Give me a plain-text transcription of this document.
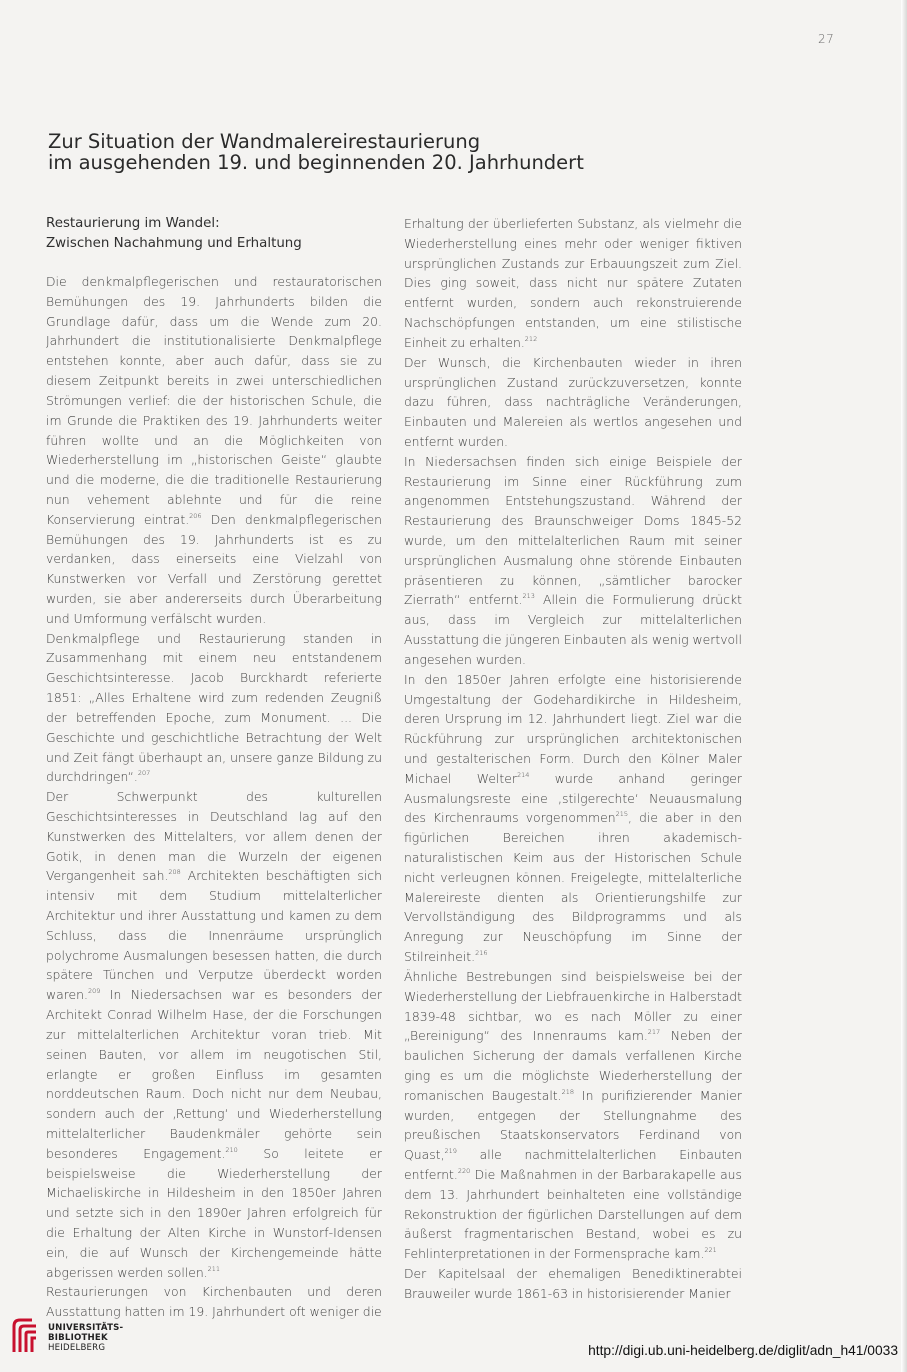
27
Zur Situation der Wandmalereirestaurierung
im ausgehenden 19. und beginnenden 20. Jahrhundert
Restaurierung im Wandel:
Zwischen Nachahmung und Erhaltung

Die denkmalpflegerischen und restauratorischen Bemühungen des 19. Jahrhunderts bilden die Grundlage dafür, dass um die Wende zum 20. Jahrhundert die institutionalisierte Denkmalpflege entstehen konnte, aber auch dafür, dass sie zu diesem Zeitpunkt bereits in zwei unterschiedlichen Strömungen verlief: die der historischen Schule, die im Grunde die Praktiken des 19. Jahrhunderts weiter führen wollte und an die Möglichkeiten von Wiederherstellung im „historischen Geiste“ glaubte und die moderne, die die traditionelle Restaurierung nun vehement ablehnte und für die reine Konservierung eintrat.$^{206}$ Den denkmalpflegerischen Bemühungen des 19. Jahrhunderts ist es zu verdanken, dass einerseits eine Vielzahl von Kunstwerken vor Verfall und Zerstörung gerettet wurden, sie aber andererseits durch Überarbeitung und Umformung verfälscht wurden.

Denkmalpflege und Restaurierung standen in Zusammenhang mit einem neu entstandenem Geschichtsinteresse. Jacob Burckhardt referierte 1851: „Alles Erhaltene wird zum redenden Zeugniß der betreffenden Epoche, zum Monument. ... Die Geschichte und geschichtliche Betrachtung der Welt und Zeit fängt überhaupt an, unsere ganze Bildung zu durchdringen“.$^{207}$

Der Schwerpunkt des kulturellen Geschichtsinteresses in Deutschland lag auf den Kunstwerken des Mittelalters, vor allem denen der Gotik, in denen man die Wurzeln der eigenen Vergangenheit sah.$^{208}$ Architekten beschäftigten sich intensiv mit dem Studium mittelalterlicher Architektur und ihrer Ausstattung und kamen zu dem Schluss, dass die Innenräume ursprünglich polychrome Ausmalungen besessen hatten, die durch spätere Tünchen und Verputze überdeckt worden waren.$^{209}$ In Niedersachsen war es besonders der Architekt Conrad Wilhelm Hase, der die Forschungen zur mittelalterlichen Architektur voran trieb. Mit seinen Bauten, vor allem im neugotischen Stil, erlangte er großen Einfluss im gesamten norddeutschen Raum. Doch nicht nur dem Neubau, sondern auch der ‚Rettung‘ und Wiederherstellung mittelalterlicher Baudenkmäler gehörte sein besonderes Engagement.$^{210}$ So leitete er beispielsweise die Wiederherstellung der Michaeliskirche in Hildesheim in den 1850er Jahren und setzte sich in den 1890er Jahren erfolgreich für die Erhaltung der Alten Kirche in Wunstorf-Idensen ein, die auf Wunsch der Kirchengemeinde hätte abgerissen werden sollen.$^{211}$

Restaurierungen von Kirchenbauten und deren Ausstattung hatten im 19. Jahrhundert oft weniger die

Erhaltung der überlieferten Substanz, als vielmehr die Wiederherstellung eines mehr oder weniger fiktiven ursprünglichen Zustands zur Erbauungszeit zum Ziel. Dies ging soweit, dass nicht nur spätere Zutaten entfernt wurden, sondern auch rekonstruierende Nachschöpfungen entstanden, um eine stilistische Einheit zu erhalten.$^{212}$

Der Wunsch, die Kirchenbauten wieder in ihren ursprünglichen Zustand zurückzuversetzen, konnte dazu führen, dass nachträgliche Veränderungen, Einbauten und Malereien als wertlos angesehen und entfernt wurden.

In Niedersachsen finden sich einige Beispiele der Restaurierung im Sinne einer Rückführung zum angenommen Entstehungszustand. Während der Restaurierung des Braunschweiger Doms 1845-52 wurde, um den mittelalterlichen Raum mit seiner ursprünglichen Ausmalung ohne störende Einbauten präsentieren zu können, „sämtlicher barocker Zierrath“ entfernt.$^{213}$ Allein die Formulierung drückt aus, dass im Vergleich zur mittelalterlichen Ausstattung die jüngeren Einbauten als wenig wertvoll angesehen wurden.

In den 1850er Jahren erfolgte eine historisierende Umgestaltung der Godehardikirche in Hildesheim, deren Ursprung im 12. Jahrhundert liegt. Ziel war die Rückführung zur ursprünglichen architektonischen und gestalterischen Form. Durch den Kölner Maler Michael Welter$^{214}$ wurde anhand geringer Ausmalungsreste eine ‚stilgerechte‘ Neuausmalung des Kirchenraums vorgenommen$^{215}$, die aber in den figürlichen Bereichen ihren akademisch-naturalistischen Keim aus der Historischen Schule nicht verleugnen können. Freigelegte, mittelalterliche Malereireste dienten als Orientierungshilfe zur Vervollständigung des Bildprogramms und als Anregung zur Neuschöpfung im Sinne der Stilreinheit.$^{216}$

Ähnliche Bestrebungen sind beispielsweise bei der Wiederherstellung der Liebfrauenkirche in Halberstadt 1839-48 sichtbar, wo es nach Möller zu einer „Bereinigung“ des Innenraums kam.$^{217}$ Neben der baulichen Sicherung der damals verfallenen Kirche ging es um die möglichste Wiederherstellung der romanischen Baugestalt.$^{218}$ In purifizierender Manier wurden, entgegen der Stellungnahme des preußischen Staatskonservators Ferdinand von Quast,$^{219}$ alle nachmittelalterlichen Einbauten entfernt.$^{220}$ Die Maßnahmen in der Barbarakapelle aus dem 13. Jahrhundert beinhalteten eine vollständige Rekonstruktion der figürlichen Darstellungen auf dem äußerst fragmentarischen Bestand, wobei es zu Fehlinterpretationen in der Formensprache kam.$^{221}$

Der Kapitelsaal der ehemaligen Benediktinerabtei Brauweiler wurde 1861-63 in historisierender Manier

UNIVERSITÄTS-
BIBLIOTHEK
HEIDELBERG	http://digi.ub.uni-heidelberg.de/diglit/adn_h41/0033
